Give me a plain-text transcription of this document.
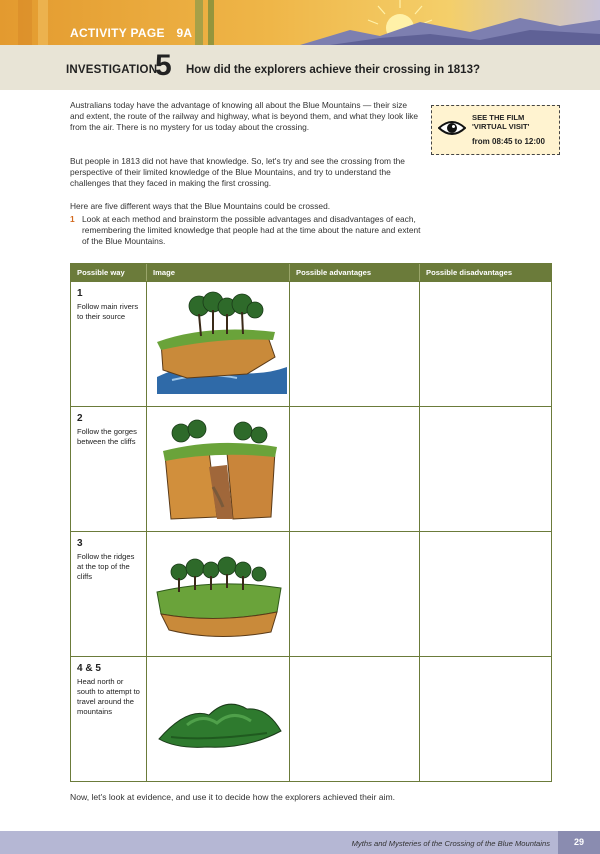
ACTIVITY PAGE 9A
INVESTIGATION
5 How did the explorers achieve their crossing in 1813?
Australians today have the advantage of knowing all about the Blue Mountains — their size and extent, the route of the railway and highway, what is beyond them, and what they look like from the air. There is no mystery for us today about the crossing.
But people in 1813 did not have that knowledge. So, let's try and see the crossing from the perspective of their limited knowledge of the Blue Mountains, and try to understand the challenges that they faced in making the first crossing.
Here are five different ways that the Blue Mountains could be crossed.
1 Look at each method and brainstorm the possible advantages and disadvantages of each, remembering the limited knowledge that people had at the time about the nature and extent of the Blue Mountains.
SEE THE FILM
'VIRTUAL VISIT'
from 08:45 to 12:00
Possible way	Image	Possible advantages	Possible disadvantages
1
Follow main rivers to their source
2
Follow the gorges between the cliffs
3
Follow the ridges at the top of the cliffs
4 & 5
Head north or south to attempt to travel around the mountains
Now, let's look at evidence, and use it to decide how the explorers achieved their aim.
Myths and Mysteries of the Crossing of the Blue Mountains	29
